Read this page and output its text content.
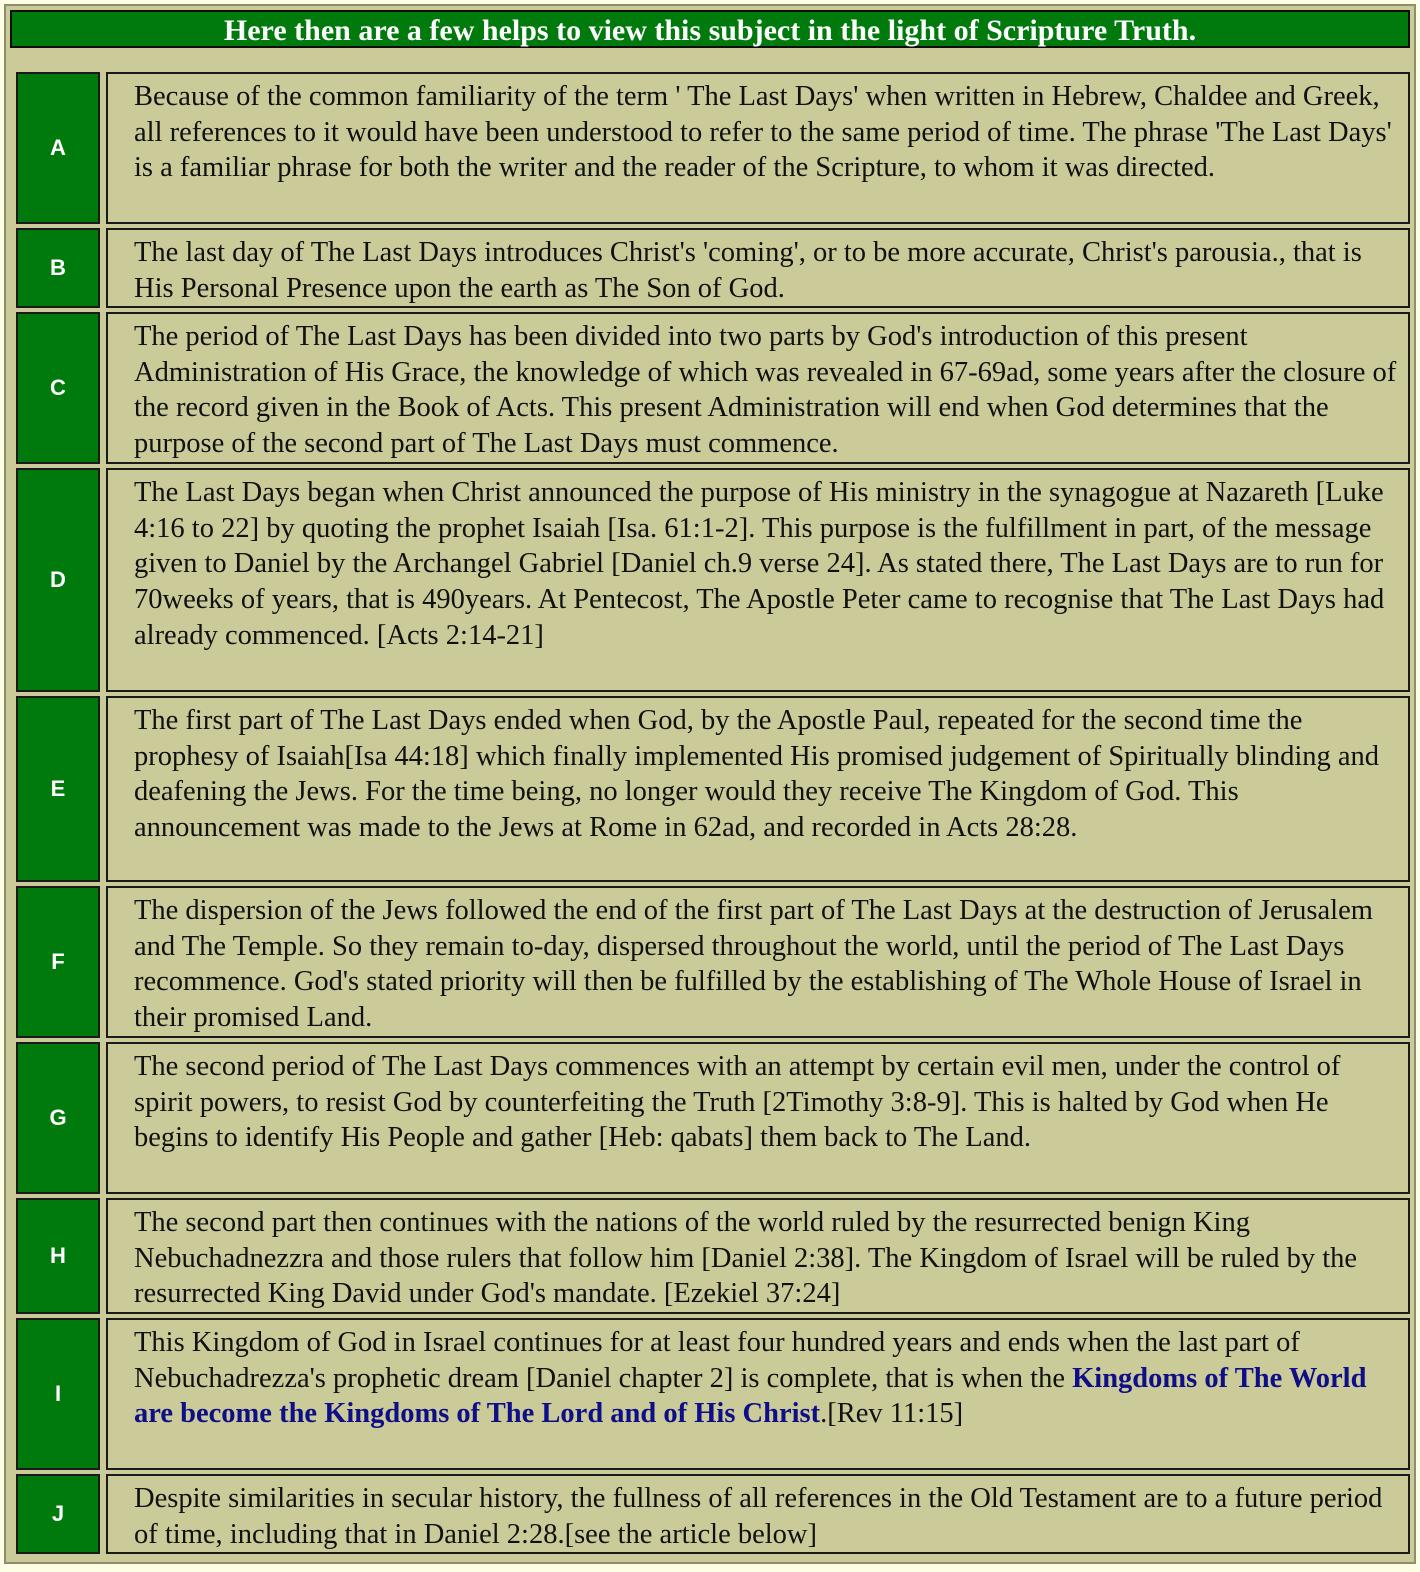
Here then are a few helps to view this subject in the light of Scripture Truth.
A
Because of the common familiarity of the term ' The Last Days' when written in Hebrew, Chaldee and Greek, all references to it would have been understood to refer to the same period of time. The phrase 'The Last Days' is a familiar phrase for both the writer and the reader of the Scripture, to whom it was directed.
B	The last day of The Last Days introduces Christ's 'coming', or to be more accurate, Christ's parousia., that is His Personal Presence upon the earth as The Son of God.
C
The period of The Last Days has been divided into two parts by God's introduction of this present Administration of His Grace, the knowledge of which was revealed in 67-69ad, some years after the closure of the record given in the Book of Acts. This present Administration will end when God determines that the purpose of the second part of The Last Days must commence.
D
The Last Days began when Christ announced the purpose of His ministry in the synagogue at Nazareth [Luke 4:16 to 22] by quoting the prophet Isaiah [Isa. 61:1-2]. This purpose is the fulfillment in part, of the message given to Daniel by the Archangel Gabriel [Daniel ch.9 verse 24]. As stated there, The Last Days are to run for 70weeks of years, that is 490years. At Pentecost, The Apostle Peter came to recognise that The Last Days had already commenced. [Acts 2:14-21]
E
The first part of The Last Days ended when God, by the Apostle Paul, repeated for the second time the prophesy of Isaiah[Isa 44:18] which finally implemented His promised judgement of Spiritually blinding and deafening the Jews. For the time being, no longer would they receive The Kingdom of God. This announcement was made to the Jews at Rome in 62ad, and recorded in Acts 28:28.
F
The dispersion of the Jews followed the end of the first part of The Last Days at the destruction of Jerusalem and The Temple. So they remain to-day, dispersed throughout the world, until the period of The Last Days recommence. God's stated priority will then be fulfilled by the establishing of The Whole House of Israel in their promised Land.
G
The second period of The Last Days commences with an attempt by certain evil men, under the control of spirit powers, to resist God by counterfeiting the Truth [2Timothy 3:8-9]. This is halted by God when He begins to identify His People and gather [Heb: qabats] them back to The Land.
H
The second part then continues with the nations of the world ruled by the resurrected benign King Nebuchadnezzra and those rulers that follow him [Daniel 2:38]. The Kingdom of Israel will be ruled by the resurrected King David under God's mandate. [Ezekiel 37:24]
I
This Kingdom of God in Israel continues for at least four hundred years and ends when the last part of Nebuchadrezza's prophetic dream [Daniel chapter 2] is complete, that is when the Kingdoms of The World are become the Kingdoms of The Lord and of His Christ.[Rev 11:15]
J	Despite similarities in secular history, the fullness of all references in the Old Testament are to a future period of time, including that in Daniel 2:28.[see the article below]
